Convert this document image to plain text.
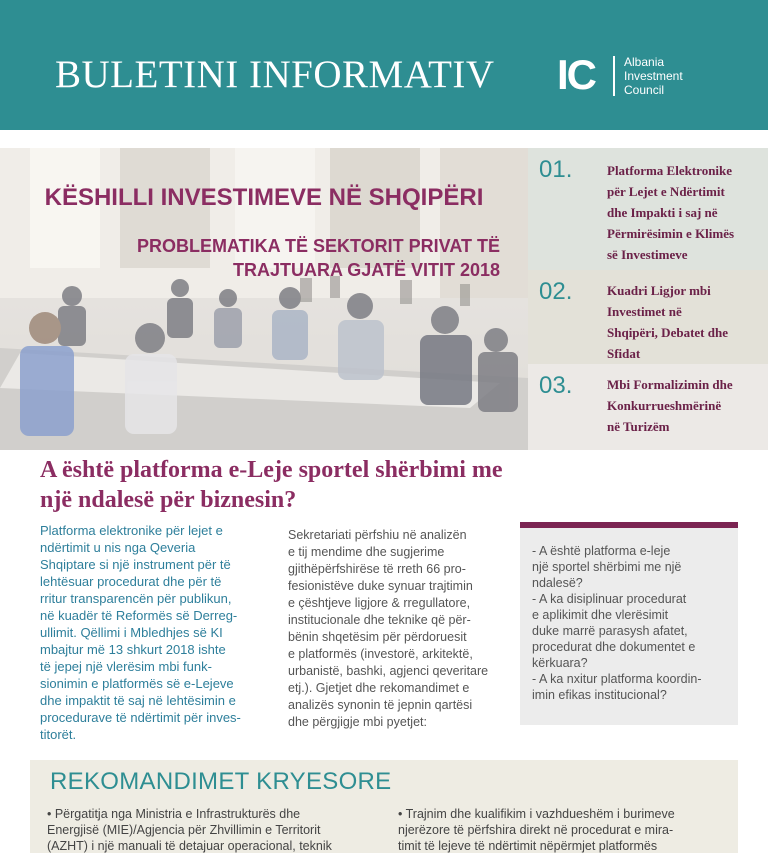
BULETINI INFORMATIV IC Albania
Investment
Council
KËSHILLI INVESTIMEVE NË SHQIPËRI
PROBLEMATIKA TË SEKTORIT PRIVAT TË
TRAJTUARA GJATË VITIT 2018
01.	Platforma Elektronike
për Lejet e Ndërtimit
dhe Impakti i saj në
Përmirësimin e Klimës
së Investimeve
02.	Kuadri Ligjor mbi
Investimet në
Shqipëri, Debatet dhe
Sfidat
03.	Mbi Formalizimin dhe
Konkurrueshmërinë
në Turizëm
A është platforma e-Leje sportel shërbimi me
një ndalesë për biznesin?
Platforma elektronike për lejet e
ndërtimit u nis nga Qeveria
Shqiptare si një instrument për të
lehtësuar procedurat dhe për të
rritur transparencën për publikun,
në kuadër të Reformës së Derreg-
ullimit. Qëllimi i Mbledhjes së KI
mbajtur më 13 shkurt 2018 ishte
të jepej një vlerësim mbi funk-
sionimin e platformës së e-Lejeve
dhe impaktit të saj në lehtësimin e
procedurave të ndërtimit për inves-
titorët.
Sekretariati përfshiu në analizën
e tij mendime dhe sugjerime
gjithëpërfshirëse të rreth 66 pro-
fesionistëve duke synuar trajtimin
e çështjeve ligjore & rregullatore,
institucionale dhe teknike që për-
bënin shqetësim për përdoruesit
e platformës (investorë, arkitektë,
urbanistë, bashki, agjenci qeveritare
etj.). Gjetjet dhe rekomandimet e
analizës synonin të jepnin qartësi
dhe përgjigje mbi pyetjet:
- A është platforma e-leje
një sportel shërbimi me një
ndalesë?
- A ka disiplinuar procedurat
e aplikimit dhe vlerësimit
duke marrë parasysh afatet,
procedurat dhe dokumentet e
kërkuara?
- A ka nxitur platforma koordin-
imin efikas institucional?
REKOMANDIMET KRYESORE
• Përgatitja nga Ministria e Infrastrukturës dhe
Energjisë (MIE)/Agjencia për Zhvillimin e Territorit
(AZHT) i një manuali të detajuar operacional, teknik
• Trajnim dhe kualifikim i vazhdueshëm i burimeve
njerëzore të përfshira direkt në procedurat e mira-
timit të lejeve të ndërtimit nëpërmjet platformës
